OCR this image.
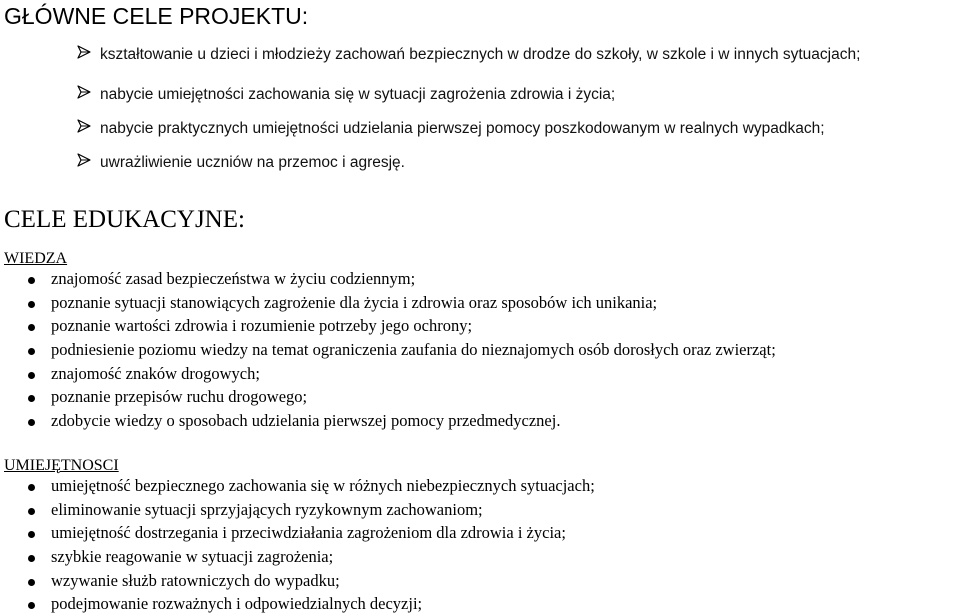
GŁÓWNE CELE PROJEKTU:
kształtowanie u dzieci i młodzieży zachowań bezpiecznych w drodze do szkoły, w szkole i w innych sytuacjach;
nabycie umiejętności zachowania się w sytuacji zagrożenia zdrowia i życia;
nabycie praktycznych umiejętności udzielania pierwszej pomocy poszkodowanym w realnych wypadkach;
uwrażliwienie uczniów na przemoc i agresję.
CELE EDUKACYJNE:
WIEDZA
znajomość zasad bezpieczeństwa w życiu codziennym;
poznanie sytuacji stanowiących zagrożenie dla życia i zdrowia oraz sposobów ich unikania;
poznanie wartości zdrowia i rozumienie potrzeby jego ochrony;
podniesienie poziomu wiedzy na temat ograniczenia zaufania do nieznajomych osób dorosłych oraz zwierząt;
znajomość znaków drogowych;
poznanie przepisów ruchu drogowego;
zdobycie wiedzy o sposobach udzielania pierwszej pomocy przedmedycznej.
UMIEJĘTNOSCI
umiejętność bezpiecznego zachowania się w różnych niebezpiecznych sytuacjach;
eliminowanie sytuacji sprzyjających ryzykownym zachowaniom;
umiejętność dostrzegania i przeciwdziałania zagrożeniom dla zdrowia i życia;
szybkie reagowanie w sytuacji zagrożenia;
wzywanie służb ratowniczych do wypadku;
podejmowanie rozważnych i odpowiedzialnych decyzji;
